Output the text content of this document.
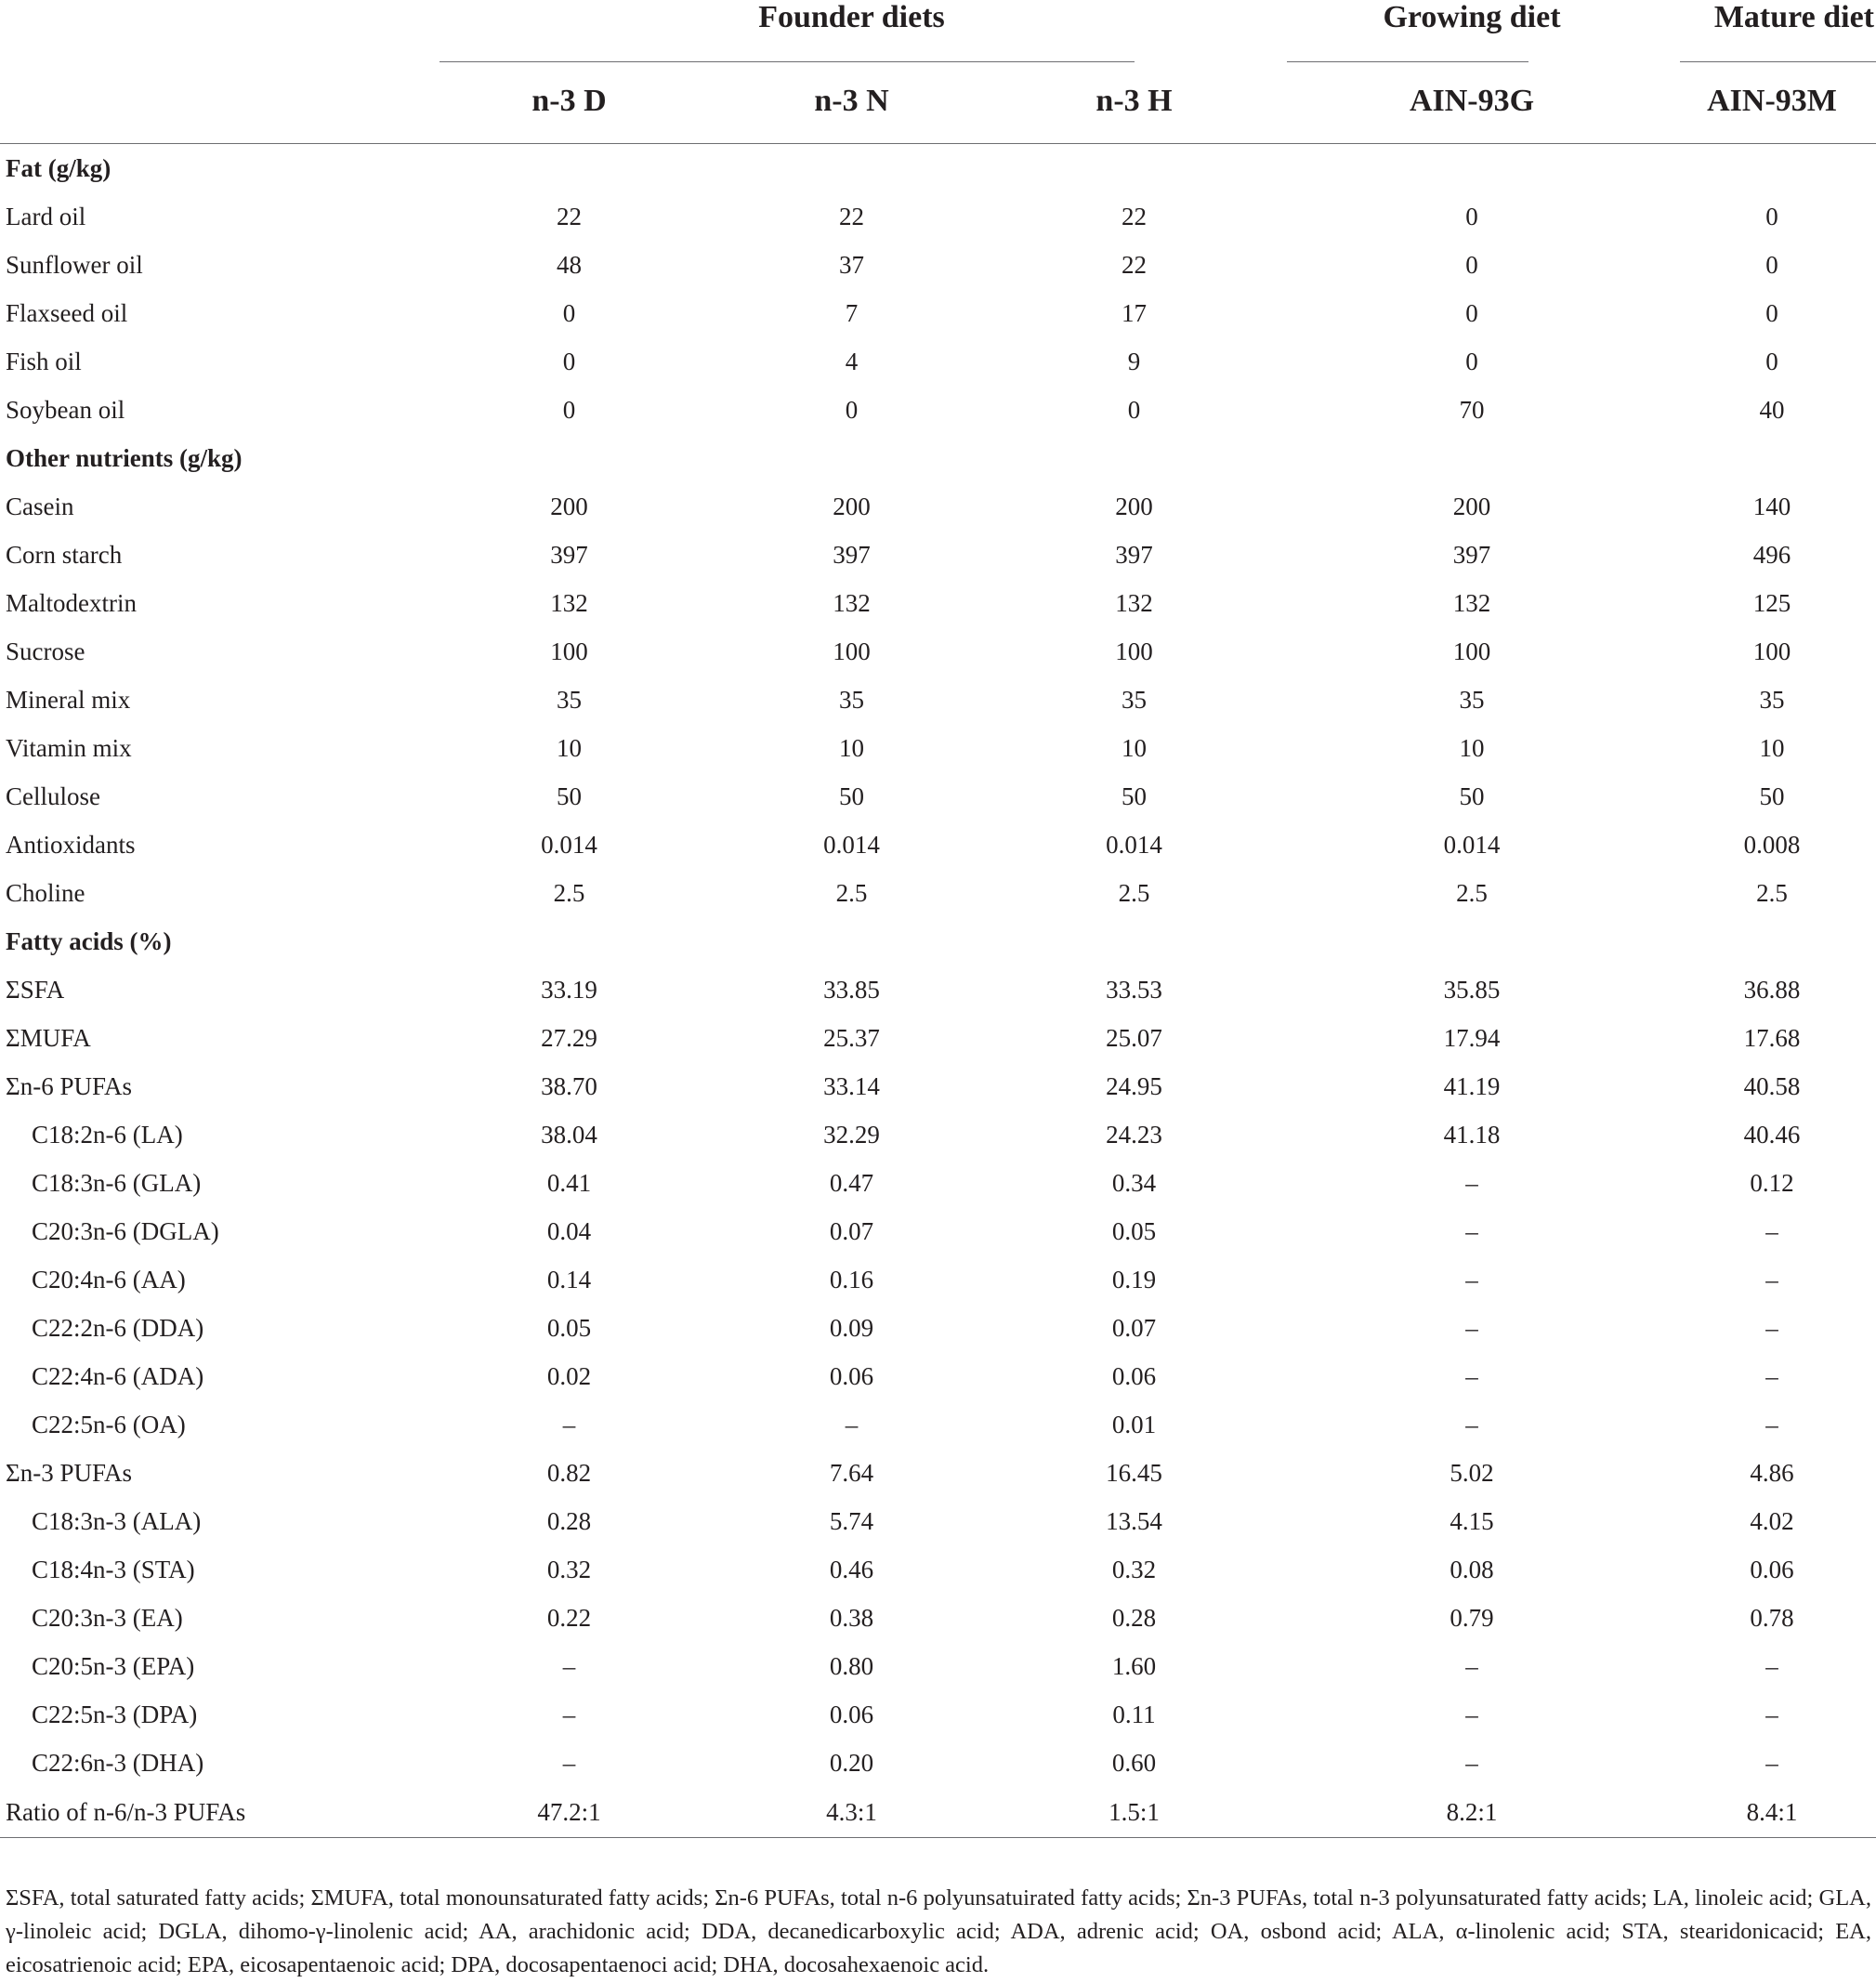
	Founder diets			Growing diet	Mature diet
	n-3 D	n-3 N	n-3 H	AIN-93G	AIN-93M
Fat (g/kg)					
Lard oil	22	22	22	0	0
Sunflower oil	48	37	22	0	0
Flaxseed oil	0	7	17	0	0
Fish oil	0	4	9	0	0
Soybean oil	0	0	0	70	40
Other nutrients (g/kg)					
Casein	200	200	200	200	140
Corn starch	397	397	397	397	496
Maltodextrin	132	132	132	132	125
Sucrose	100	100	100	100	100
Mineral mix	35	35	35	35	35
Vitamin mix	10	10	10	10	10
Cellulose	50	50	50	50	50
Antioxidants	0.014	0.014	0.014	0.014	0.008
Choline	2.5	2.5	2.5	2.5	2.5
Fatty acids (%)					
ΣSFA	33.19	33.85	33.53	35.85	36.88
ΣMUFA	27.29	25.37	25.07	17.94	17.68
Σn-6 PUFAs	38.70	33.14	24.95	41.19	40.58
C18:2n-6 (LA)	38.04	32.29	24.23	41.18	40.46
C18:3n-6 (GLA)	0.41	0.47	0.34	–	0.12
C20:3n-6 (DGLA)	0.04	0.07	0.05	–	–
C20:4n-6 (AA)	0.14	0.16	0.19	–	–
C22:2n-6 (DDA)	0.05	0.09	0.07	–	–
C22:4n-6 (ADA)	0.02	0.06	0.06	–	–
C22:5n-6 (OA)	–	–	0.01	–	–
Σn-3 PUFAs	0.82	7.64	16.45	5.02	4.86
C18:3n-3 (ALA)	0.28	5.74	13.54	4.15	4.02
C18:4n-3 (STA)	0.32	0.46	0.32	0.08	0.06
C20:3n-3 (EA)	0.22	0.38	0.28	0.79	0.78
C20:5n-3 (EPA)	–	0.80	1.60	–	–
C22:5n-3 (DPA)	–	0.06	0.11	–	–
C22:6n-3 (DHA)	–	0.20	0.60	–	–
Ratio of n-6/n-3 PUFAs	47.2:1	4.3:1	1.5:1	8.2:1	8.4:1
ΣSFA, total saturated fatty acids; ΣMUFA, total monounsaturated fatty acids; Σn-6 PUFAs, total n-6 polyunsatuirated fatty acids; Σn-3 PUFAs, total n-3 polyunsaturated fatty acids; LA, linoleic acid; GLA, γ-linoleic acid; DGLA, dihomo-γ-linolenic acid; AA, arachidonic acid; DDA, decanedicarboxylic acid; ADA, adrenic acid; OA, osbond acid; ALA, α-linolenic acid; STA, stearidonicacid; EA, eicosatrienoic acid; EPA, eicosapentaenoic acid; DPA, docosapentaenoci acid; DHA, docosahexaenoic acid.
